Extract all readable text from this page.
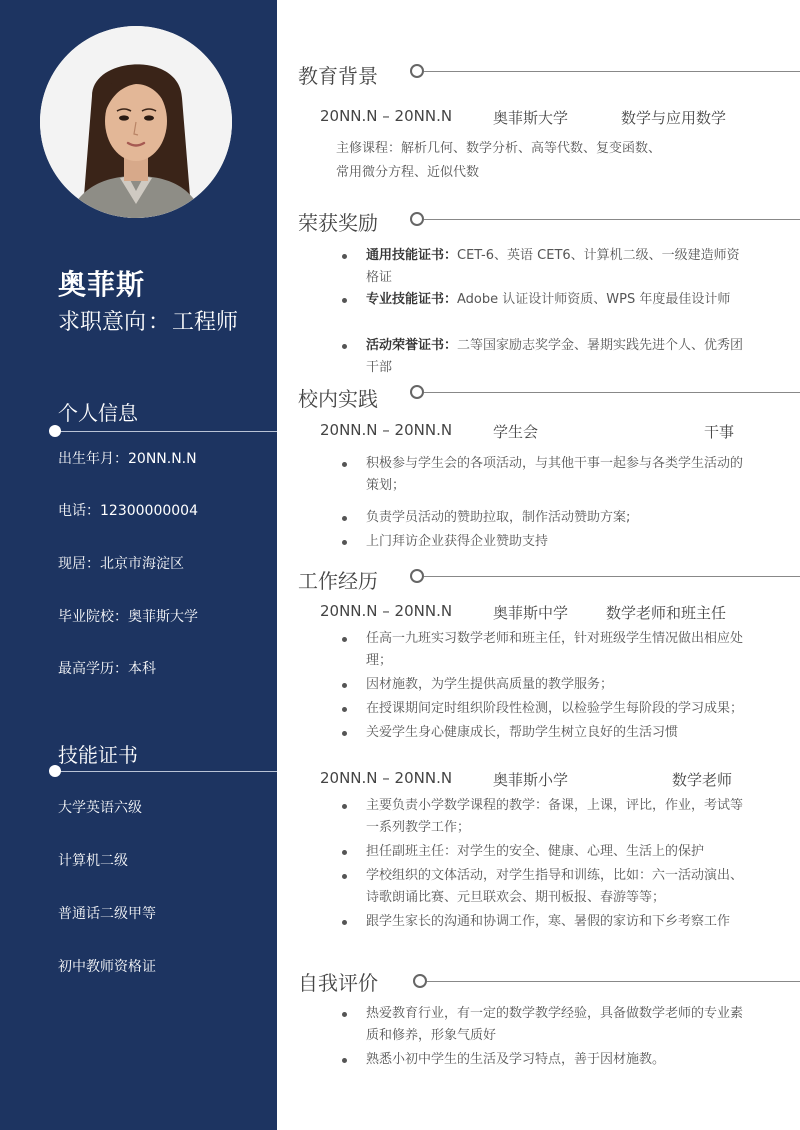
奥菲斯
求职意向：工程师
个人信息
出生年月：20NN.N.N
电话：12300000004
现居：北京市海淀区
毕业院校：奥菲斯大学
最高学历：本科
技能证书
大学英语六级
计算机二级
普通话二级甲等
初中教师资格证
教育背景
20NN.N – 20NN.N	奥菲斯大学	数学与应用数学
主修课程：解析几何、数学分析、高等代数、复变函数、
常用微分方程、近似代数
荣获奖励
通用技能证书：CET-6、英语 CET6、计算机二级、一级建造师资格证
专业技能证书：Adobe 认证设计师资质、WPS 年度最佳设计师
活动荣誉证书：二等国家励志奖学金、暑期实践先进个人、优秀团干部
校内实践
20NN.N – 20NN.N	学生会	干事
积极参与学生会的各项活动，与其他干事一起参与各类学生活动的策划；
负责学员活动的赞助拉取，制作活动赞助方案;
上门拜访企业获得企业赞助支持
工作经历
20NN.N – 20NN.N	奥菲斯中学	数学老师和班主任
任高一九班实习数学老师和班主任，针对班级学生情况做出相应处理；
因材施教，为学生提供高质量的教学服务；
在授课期间定时组织阶段性检测，以检验学生每阶段的学习成果；
关爱学生身心健康成长，帮助学生树立良好的生活习惯
20NN.N – 20NN.N	奥菲斯小学	数学老师
主要负责小学数学课程的教学：备课，上课，评比，作业，考试等一系列教学工作；
担任副班主任：对学生的安全、健康、心理、生活上的保护
学校组织的文体活动，对学生指导和训练，比如：六一活动演出、诗歌朗诵比赛、元旦联欢会、期刊板报、春游等等；
跟学生家长的沟通和协调工作，寒、暑假的家访和下乡考察工作
自我评价
热爱教育行业，有一定的数学教学经验，具备做数学老师的专业素质和修养，形象气质好
熟悉小初中学生的生活及学习特点，善于因材施教。
